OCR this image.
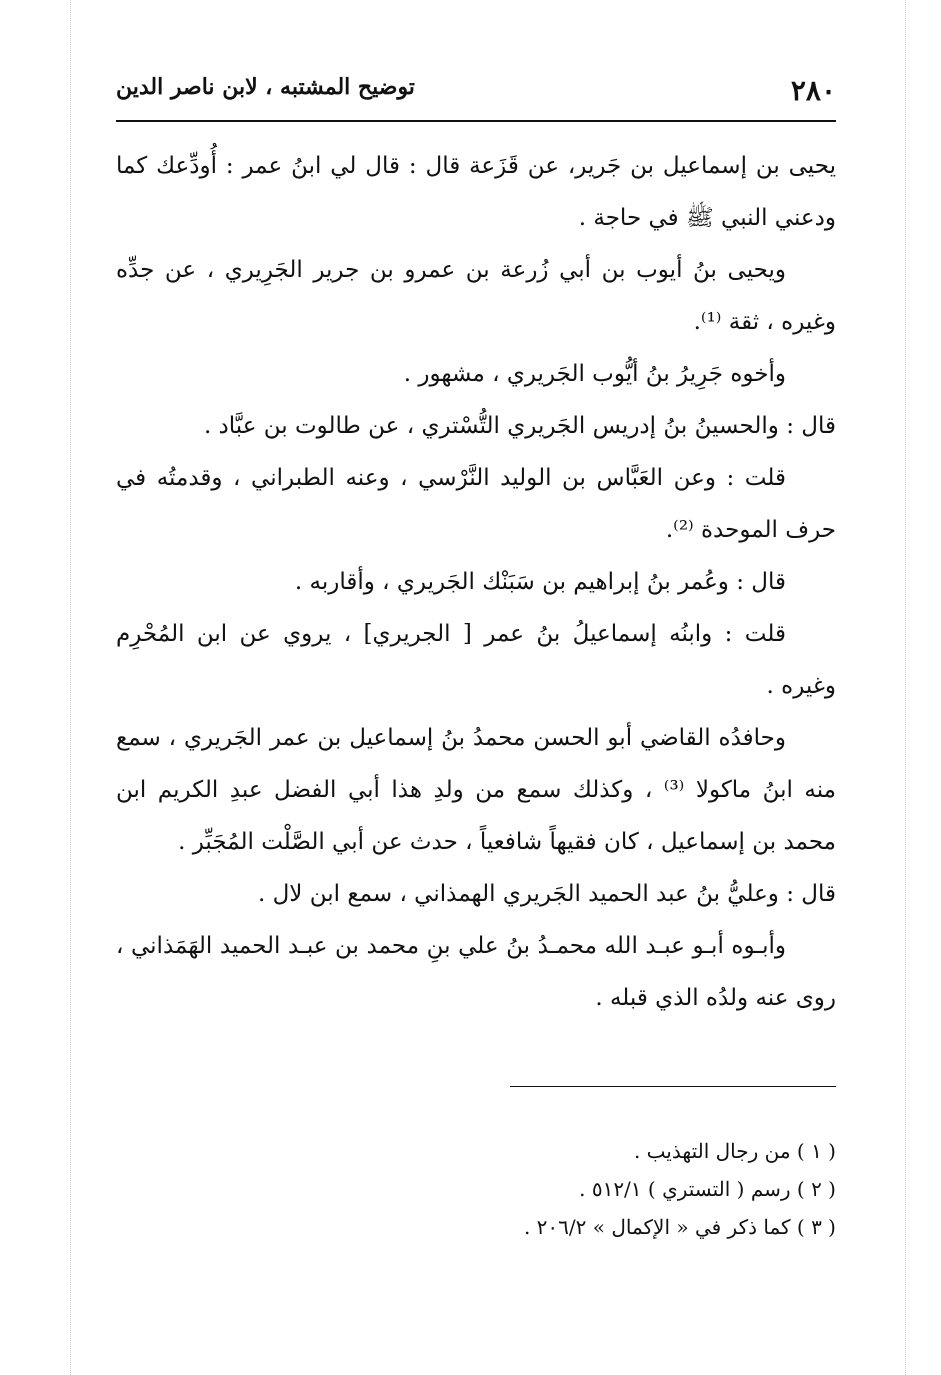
٢٨٠
توضيح المشتبه ، لابن ناصر الدين

يحيى بن إسماعيل بن جَرير، عن قَزَعة قال : قال لي ابنُ عمر : أُودِّعك كما ودعني النبي ﷺ في حاجة .

ويحيى بنُ أيوب بن أبي زُرعة بن عمرو بن جرير الجَرِيري ، عن جدِّه وغيره ، ثقة ⁽¹⁾.

وأخوه جَرِيرُ بنُ أيُّوب الجَريري ، مشهور .

قال : والحسينُ بنُ إدريس الجَريري التُّسْتري ، عن طالوت بن عبَّاد .

قلت : وعن العَبَّاس بن الوليد النَّرْسي ، وعنه الطبراني ، وقدمتُه في حرف الموحدة ⁽²⁾.

قال : وعُمر بنُ إبراهيم بن سَبَنْك الجَريري ، وأقاربه .

قلت : وابنُه إسماعيلُ بنُ عمر [ الجريري] ، يروي عن ابن المُحْرِم وغيره .

وحافدُه القاضي أبو الحسن محمدُ بنُ إسماعيل بن عمر الجَريري ، سمع منه ابنُ ماكولا ⁽³⁾ ، وكذلك سمع من ولدِ هذا أبي الفضل عبدِ الكريم ابن محمد بن إسماعيل ، كان فقيهاً شافعياً ، حدث عن أبي الصَّلْت المُجَبِّر .

قال : وعليُّ بنُ عبد الحميد الجَريري الهمذاني ، سمع ابن لال .

وأبـوه أبـو عبـد الله محمـدُ بنُ علي بنِ محمد بن عبـد الحميد الهَمَذاني ، روى عنه ولدُه الذي قبله .

( ١ ) من رجال التهذيب .

( ٢ ) رسم ( التستري ) ٥١٢/١ .

( ٣ ) كما ذكر في « الإكمال » ٢٠٦/٢ .
